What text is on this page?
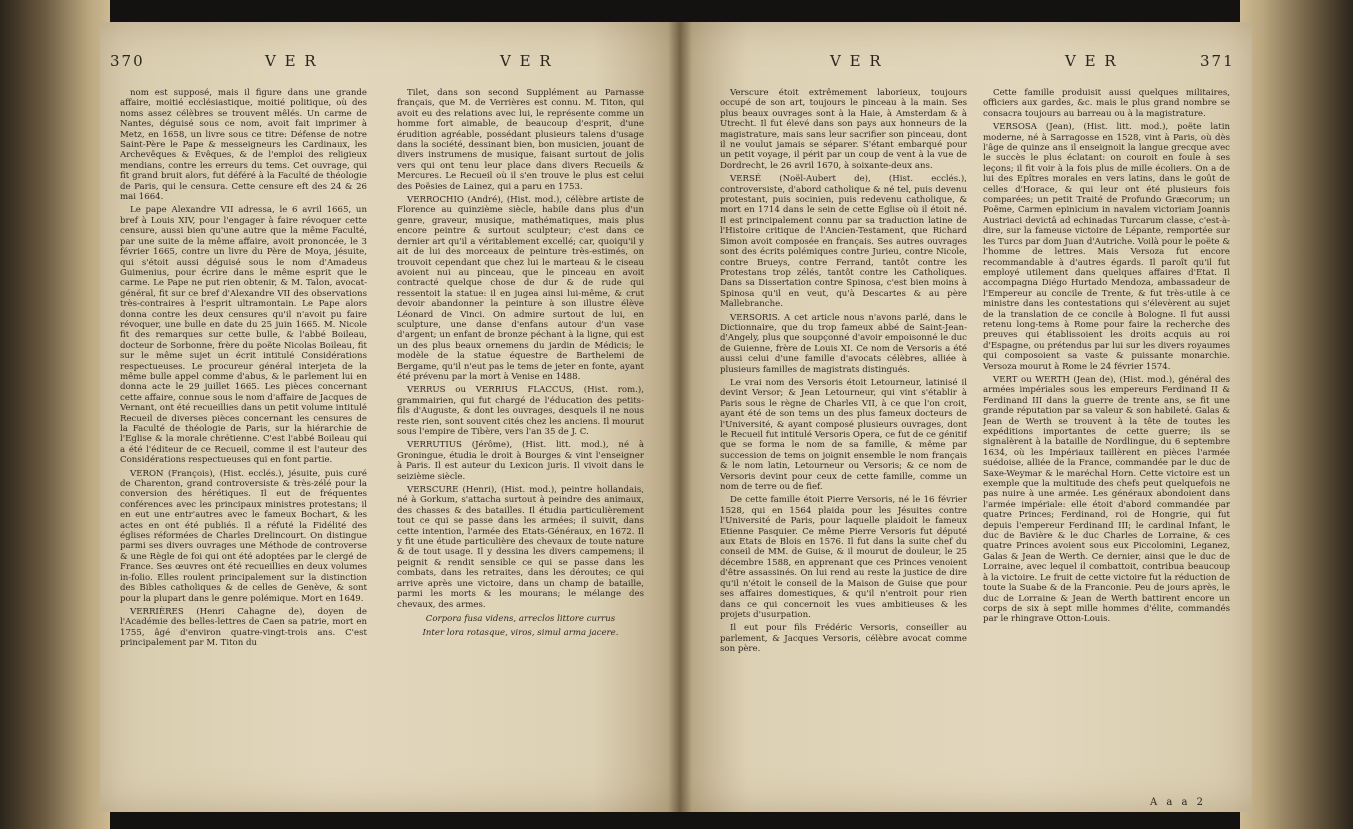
370	V E R	V E R

nom est supposé, mais il figure dans une grande affaire, moitié ecclésiastique, moitié politique, où des noms assez célèbres se trouvent mêlés. Un carme de Nantes, déguisé sous ce nom, avoit fait imprimer à Metz, en 1658, un livre sous ce titre: Défense de notre Saint-Père le Pape & messeigneurs les Cardinaux, les Archevêques & Evêques, & de l'emploi des religieux mendians, contre les erreurs du tems. Cet ouvrage, qui fit grand bruit alors, fut déféré à la Faculté de théologie de Paris, qui le censura. Cette censure eft des 24 & 26 mai 1664.

Le pape Alexandre VII adressa, le 6 avril 1665, un bref à Louis XIV, pour l'engager à faire révoquer cette censure, aussi bien qu'une autre que la même Faculté, par une suite de la même affaire, avoit prononcée, le 3 février 1665, contre un livre du Père de Moya, jésuite, qui s'étoit aussi déguisé sous le nom d'Amadeus Guimenius, pour écrire dans le même esprit que le carme. Le Pape ne put rien obtenir, & M. Talon, avocat-général, fit sur ce bref d'Alexandre VII des observations très-contraires à l'esprit ultramontain. Le Pape alors donna contre les deux censures qu'il n'avoit pu faire révoquer, une bulle en date du 25 juin 1665. M. Nicole fit des remarques sur cette bulle, & l'abbé Boileau, docteur de Sorbonne, frère du poëte Nicolas Boileau, fit sur le même sujet un écrit intitulé Considérations respectueuses. Le procureur général interjeta de la même bulle appel comme d'abus, & le parlement lui en donna acte le 29 juillet 1665. Les pièces concernant cette affaire, connue sous le nom d'affaire de Jacques de Vernant, ont été recueillies dans un petit volume intitulé Recueil de diverses pièces concernant les censures de la Faculté de théologie de Paris, sur la hiérarchie de l'Eglise & la morale chrétienne. C'est l'abbé Boileau qui a été l'éditeur de ce Recueil, comme il est l'auteur des Considérations respectueuses qui en font partie.

VERON (François), (Hist. ecclés.), jésuite, puis curé de Charenton, grand controversiste & très-zélé pour la conversion des hérétiques. Il eut de fréquentes conférences avec les principaux ministres protestans; il en eut une entr'autres avec le fameux Bochart, & les actes en ont été publiés. Il a réfuté la Fidélité des églises réformées de Charles Drelincourt. On distingue parmi ses divers ouvrages une Méthode de controverse & une Règle de foi qui ont été adoptées par le clergé de France. Ses œuvres ont été recueillies en deux volumes in-folio. Elles roulent principalement sur la distinction des Bibles catholiques & de celles de Genève, & sont pour la plupart dans le genre polémique. Mort en 1649.

VERRIÈRES (Henri Cahagne de), doyen de l'Académie des belles-lettres de Caen sa patrie, mort en 1755, âgé d'environ quatre-vingt-trois ans. C'est principalement par M. Titon du

Tilet, dans son second Supplément au Parnasse français, que M. de Verrières est connu. M. Titon, qui avoit eu des relations avec lui, le représente comme un homme fort aimable, de beaucoup d'esprit, d'une érudition agréable, possédant plusieurs talens d'usage dans la société, dessinant bien, bon musicien, jouant de divers instrumens de musique, faisant surtout de jolis vers qui ont tenu leur place dans divers Recueils & Mercures. Le Recueil où il s'en trouve le plus est celui des Poësies de Lainez, qui a paru en 1753.

VERROCHIO (André), (Hist. mod.), célèbre artiste de Florence au quinzième siècle, habile dans plus d'un genre, graveur, musique, mathématiques, mais plus encore peintre & surtout sculpteur; c'est dans ce dernier art qu'il a véritablement excellé; car, quoiqu'il y ait de lui des morceaux de peinture très-estimés, on trouvoit cependant que chez lui le marteau & le ciseau avoient nui au pinceau, que le pinceau en avoit contracté quelque chose de dur & de rude qui ressentoit la statue: il en jugea ainsi lui-même, & crut devoir abandonner la peinture à son illustre élève Léonard de Vinci. On admire surtout de lui, en sculpture, une danse d'enfans autour d'un vase d'argent; un enfant de bronze péchant à la ligne, qui est un des plus beaux ornemens du jardin de Médicis; le modèle de la statue équestre de Barthelemi de Bergame, qu'il n'eut pas le tems de jeter en fonte, ayant été prévenu par la mort à Venise en 1488.

VERRUS ou VERRIUS FLACCUS, (Hist. rom.), grammairien, qui fut chargé de l'éducation des petits-fils d'Auguste, & dont les ouvrages, desquels il ne nous reste rien, sont souvent cités chez les anciens. Il mourut sous l'empire de Tibère, vers l'an 35 de J. C.

VERRUTIUS (Jérôme), (Hist. litt. mod.), né à Groningue, étudia le droit à Bourges & vint l'enseigner à Paris. Il est auteur du Lexicon juris. Il vivoit dans le seizième siècle.

VERSCURE (Henri), (Hist. mod.), peintre hollandais, né à Gorkum, s'attacha surtout à peindre des animaux, des chasses & des batailles. Il étudia particulièrement tout ce qui se passe dans les armées; il suivit, dans cette intention, l'armée des Etats-Généraux, en 1672. Il y fit une étude particulière des chevaux de toute nature & de tout usage. Il y dessina les divers campemens; il peignit & rendit sensible ce qui se passe dans les combats, dans les retraites, dans les déroutes; ce qui arrive après une victoire, dans un champ de bataille, parmi les morts & les mourans; le mélange des chevaux, des armes.

Corpora fusa videns, arreclos littore currus

Inter lora rotasque, viros, simul arma jacere.

V E R	V E R	371

Verscure étoit extrêmement laborieux, toujours occupé de son art, toujours le pinceau à la main. Ses plus beaux ouvrages sont à la Haie, à Amsterdam & à Utrecht. Il fut élevé dans son pays aux honneurs de la magistrature, mais sans leur sacrifier son pinceau, dont il ne voulut jamais se séparer. S'étant embarqué pour un petit voyage, il périt par un coup de vent à la vue de Dordrecht, le 26 avril 1670, à soixante-deux ans.

VERSÉ (Noël-Aubert de), (Hist. ecclés.), controversiste, d'abord catholique & né tel, puis devenu protestant, puis socinien, puis redevenu catholique, & mort en 1714 dans le sein de cette Eglise où il étoit né. Il est principalement connu par sa traduction latine de l'Histoire critique de l'Ancien-Testament, que Richard Simon avoit composée en français. Ses autres ouvrages sont des écrits polémiques contre Jurieu, contre Nicole, contre Brueys, contre Ferrand, tantôt contre les Protestans trop zélés, tantôt contre les Catholiques. Dans sa Dissertation contre Spinosa, c'est bien moins à Spinosa qu'il en veut, qu'à Descartes & au père Mallebranche.

VERSORIS. A cet article nous n'avons parlé, dans le Dictionnaire, que du trop fameux abbé de Saint-Jean-d'Angely, plus que soupçonné d'avoir empoisonné le duc de Guienne, frère de Louis XI. Ce nom de Versoris a été aussi celui d'une famille d'avocats célèbres, alliée à plusieurs familles de magistrats distingués.

Le vrai nom des Versoris étoit Letourneur, latinisé il devint Versor; & Jean Letourneur, qui vint s'établir à Paris sous le règne de Charles VII, à ce que l'on croit, ayant été de son tems un des plus fameux docteurs de l'Université, & ayant composé plusieurs ouvrages, dont le Recueil fut intitulé Versoris Opera, ce fut de ce génitif que se forma le nom de sa famille, & même par succession de tems on joignit ensemble le nom français & le nom latin, Letourneur ou Versoris; & ce nom de Versoris devint pour ceux de cette famille, comme un nom de terre ou de fief.

De cette famille étoit Pierre Versoris, né le 16 février 1528, qui en 1564 plaida pour les Jésuites contre l'Université de Paris, pour laquelle plaidoit le fameux Etienne Pasquier. Ce même Pierre Versoris fut député aux Etats de Blois en 1576. Il fut dans la suite chef du conseil de MM. de Guise, & il mourut de douleur, le 25 décembre 1588, en apprenant que ces Princes venoient d'être assassinés. On lui rend au reste la justice de dire qu'il n'étoit le conseil de la Maison de Guise que pour ses affaires domestiques, & qu'il n'entroit pour rien dans ce qui concernoit les vues ambitieuses & les projets d'usurpation.

Il eut pour fils Frédéric Versoris, conseiller au parlement, & Jacques Versoris, célèbre avocat comme son père.

Cette famille produisit aussi quelques militaires, officiers aux gardes, &c. mais le plus grand nombre se consacra toujours au barreau ou à la magistrature.

VERSOSA (Jean), (Hist. litt. mod.), poëte latin moderne, né à Sarragosse en 1528, vint à Paris, où dès l'âge de quinze ans il enseignoit la langue grecque avec le succès le plus éclatant: on couroit en foule à ses leçons; il fit voir à la fois plus de mille écoliers. On a de lui des Epîtres morales en vers latins, dans le goût de celles d'Horace, & qui leur ont été plusieurs fois comparées; un petit Traité de Profundo Græcorum; un Poëme, Carmen epinicium in navalem victoriam Joannis Austriaci devictâ ad echinadas Turcarum classe, c'est-à-dire, sur la fameuse victoire de Lépante, remportée sur les Turcs par dom Juan d'Autriche. Voilà pour le poëte & l'homme de lettres. Mais Versoza fut encore recommandable à d'autres égards. Il paroît qu'il fut employé utilement dans quelques affaires d'Etat. Il accompagna Diégo Hurtado Mendoza, ambassadeur de l'Empereur au concile de Trente, & fut très-utile à ce ministre dans les contestations qui s'élevèrent au sujet de la translation de ce concile à Bologne. Il fut aussi retenu long-tems à Rome pour faire la recherche des preuves qui établissoient les droits acquis au roi d'Espagne, ou prétendus par lui sur les divers royaumes qui composoient sa vaste & puissante monarchie. Versoza mourut à Rome le 24 février 1574.

VERT ou WERTH (Jean de), (Hist. mod.), général des armées impériales sous les empereurs Ferdinand II & Ferdinand III dans la guerre de trente ans, se fit une grande réputation par sa valeur & son habileté. Galas & Jean de Werth se trouvent à la tête de toutes les expéditions importantes de cette guerre; ils se signalèrent à la bataille de Nordlingue, du 6 septembre 1634, où les Impériaux taillèrent en pièces l'armée suédoise, alliée de la France, commandée par le duc de Saxe-Weymar & le maréchal Horn. Cette victoire est un exemple que la multitude des chefs peut quelquefois ne pas nuire à une armée. Les généraux abondoient dans l'armée impériale: elle étoit d'abord commandée par quatre Princes; Ferdinand, roi de Hongrie, qui fut depuis l'empereur Ferdinand III; le cardinal Infant, le duc de Bavière & le duc Charles de Lorraine, & ces quatre Princes avoient sous eux Piccolomini, Leganez, Galas & Jean de Werth. Ce dernier, ainsi que le duc de Lorraine, avec lequel il combattoit, contribua beaucoup à la victoire. Le fruit de cette victoire fut la réduction de toute la Suabe & de la Franconie. Peu de jours après, le duc de Lorraine & Jean de Werth battirent encore un corps de six à sept mille hommes d'élite, commandés par le rhingrave Otton-Louis.

A a a 2
